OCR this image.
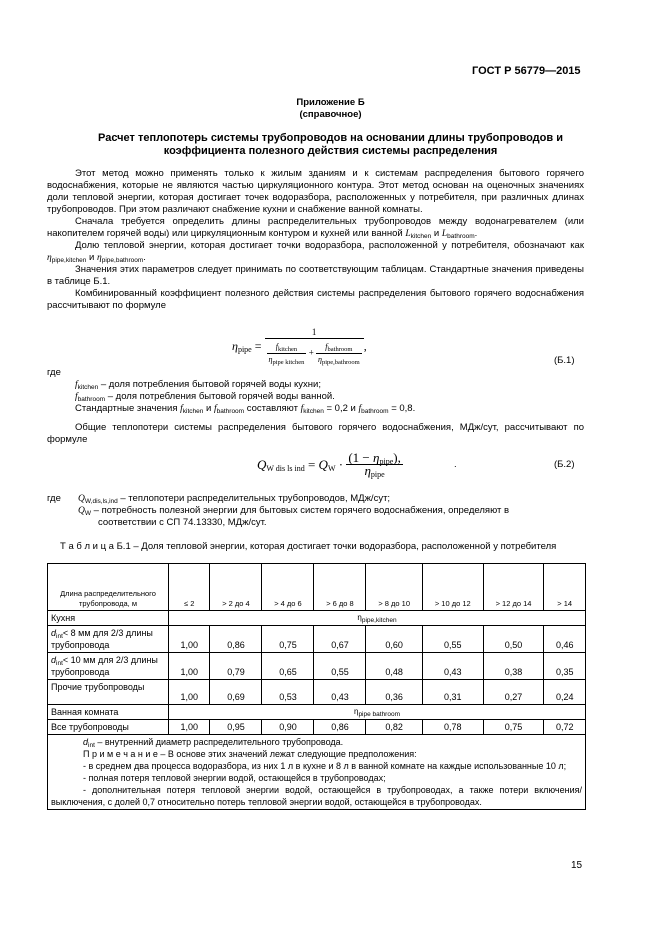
ГОСТ Р 56779—2015
Приложение Б
(справочное)
Расчет теплопотерь системы трубопроводов на основании длины трубопроводов и
коэффициента полезного действия системы распределения
Этот метод можно применять только к жилым зданиям и к системам распределения бытового горячего водоснабжения, которые не являются частью циркуляционного контура. Этот метод основан на оценочных значениях доли тепловой энергии, которая достигает точек водоразбора, расположенных у потребителя, при различных длинах трубопроводов. При этом различают снабжение кухни и снабжение ванной комнаты.
Сначала требуется определить длины распределительных трубопроводов между водонагревателем (или накопителем горячей воды) или циркуляционным контуром и кухней или ванной $L_{kitchen}$ и $L_{bathroom}$.
Долю тепловой энергии, которая достигает точки водоразбора, расположенной у потребителя, обозначают как $\eta_{pipe,kitchen}$ и $\eta_{pipe,bathroom}$.
Значения этих параметров следует принимать по соответствующим таблицам. Стандартные значения приведены в таблице Б.1.
Комбинированный коэффициент полезного действия системы распределения бытового горячего водоснабжения рассчитывают по формуле
$\eta_{pipe} = \frac{1}{\frac{f_{kitchen}}{\eta_{pipe kitchen}} + \frac{f_{bathroom}}{\eta_{pipe,bathroom}}}$ ,
(Б.1)
где
$f_{kitchen}$ – доля потребления бытовой горячей воды кухни;
$f_{bathroom}$ – доля потребления бытовой горячей воды ванной.
Стандартные значения $f_{kitchen}$ и $f_{bathroom}$ составляют $f_{kitchen} = 0,2$ и $f_{bathroom} = 0,8$.
Общие теплопотери системы распределения бытового горячего водоснабжения, МДж/сут, рассчитывают по формуле
$Q_{W dis ls ind} = Q_W \cdot \frac{(1 - \eta_{pipe}),}{\eta_{pipe}}$	.	(Б.2)
где $Q_{W,dis,ls,ind}$ – теплопотери распределительных трубопроводов, МДж/сут;
$Q_W$ – потребность полезной энергии для бытовых систем горячего водоснабжения, определяют в
соответствии с СП 74.13330, МДж/сут.
Т а б л и ц а Б.1 – Доля тепловой энергии, которая достигает точки водоразбора, расположенной у потребителя
Длина распределительного трубопровода, м	≤ 2	> 2 до 4	> 4 до 6	> 6 до 8	> 8 до 10	> 10 до 12	> 12 до 14	> 14
Кухня	$\eta_{pipe,kitchen}$
$d_{int}< 8$ мм для 2/3 длины трубопровода	1,00	0,86	0,75	0,67	0,60	0,55	0,50	0,46
$d_{int}< 10$ мм для 2/3 длины трубопровода	1,00	0,79	0,65	0,55	0,48	0,43	0,38	0,35
Прочие трубопроводы	1,00	0,69	0,53	0,43	0,36	0,31	0,27	0,24
Ванная комната	$\eta_{pipe bathroom}$
Все трубопроводы	1,00	0,95	0,90	0,86	0,82	0,78	0,75	0,72

$d_{int}$ – внутренний диаметр распределительного трубопровода.
П р и м е ч а н и е – В основе этих значений лежат следующие предположения:
- в среднем два процесса водоразбора, из них 1 л в кухне и 8 л в ванной комнате на каждые использованные 10 л;
- полная потеря тепловой энергии водой, остающейся в трубопроводах;
- дополнительная потеря тепловой энергии водой, остающейся в трубопроводах, а также потери включения/выключения, с долей 0,7 относительно потерь тепловой энергии водой, остающейся в трубопроводах.								
15
